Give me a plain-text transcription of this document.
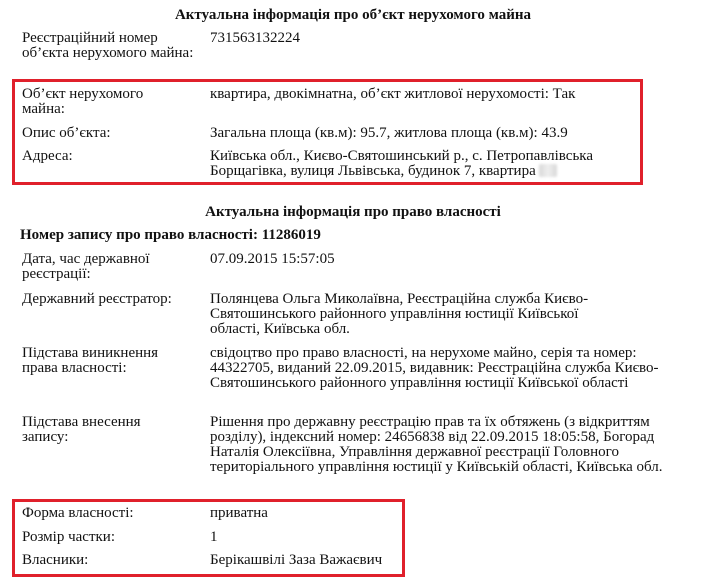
Актуальна інформація про об’єкт нерухомого майна
Реєстраційний номер об’єкта нерухомого майна:
731563132224
Об’єкт нерухомого майна:
квартира, двокімнатна, об’єкт житлової нерухомості: Так
Опис об’єкта:	Загальна площа (кв.м): 95.7, житлова площа (кв.м): 43.9
Адреса:	Київська обл., Києво-Святошинський р., с. Петропавлівська Борщагівка, вулиця Львівська, будинок 7, квартира
Актуальна інформація про право власності
Номер запису про право власності: 11286019
Дата, час державної реєстрації:
07.09.2015 15:57:05
Державний реєстратор:	Полянцева Ольга Миколаївна, Реєстраційна служба Києво-Святошинського районного управління юстиції Київської області, Київська обл.
Підстава виникнення права власності:
свідоцтво про право власності, на нерухоме майно, серія та номер: 44322705, виданий 22.09.2015, видавник: Реєстраційна служба Києво-Святошинського районного управління юстиції Київської області
Підстава внесення запису:
Рішення про державну реєстрацію прав та їх обтяжень (з відкриттям розділу), індексний номер: 24656838 від 22.09.2015 18:05:58, Богорад Наталія Олексіївна, Управління державної реєстрації Головного територіального управління юстиції у Київській області, Київська обл.
Форма власності:	приватна
Розмір частки:	1
Власники:	Берікашвілі Заза Важаєвич
